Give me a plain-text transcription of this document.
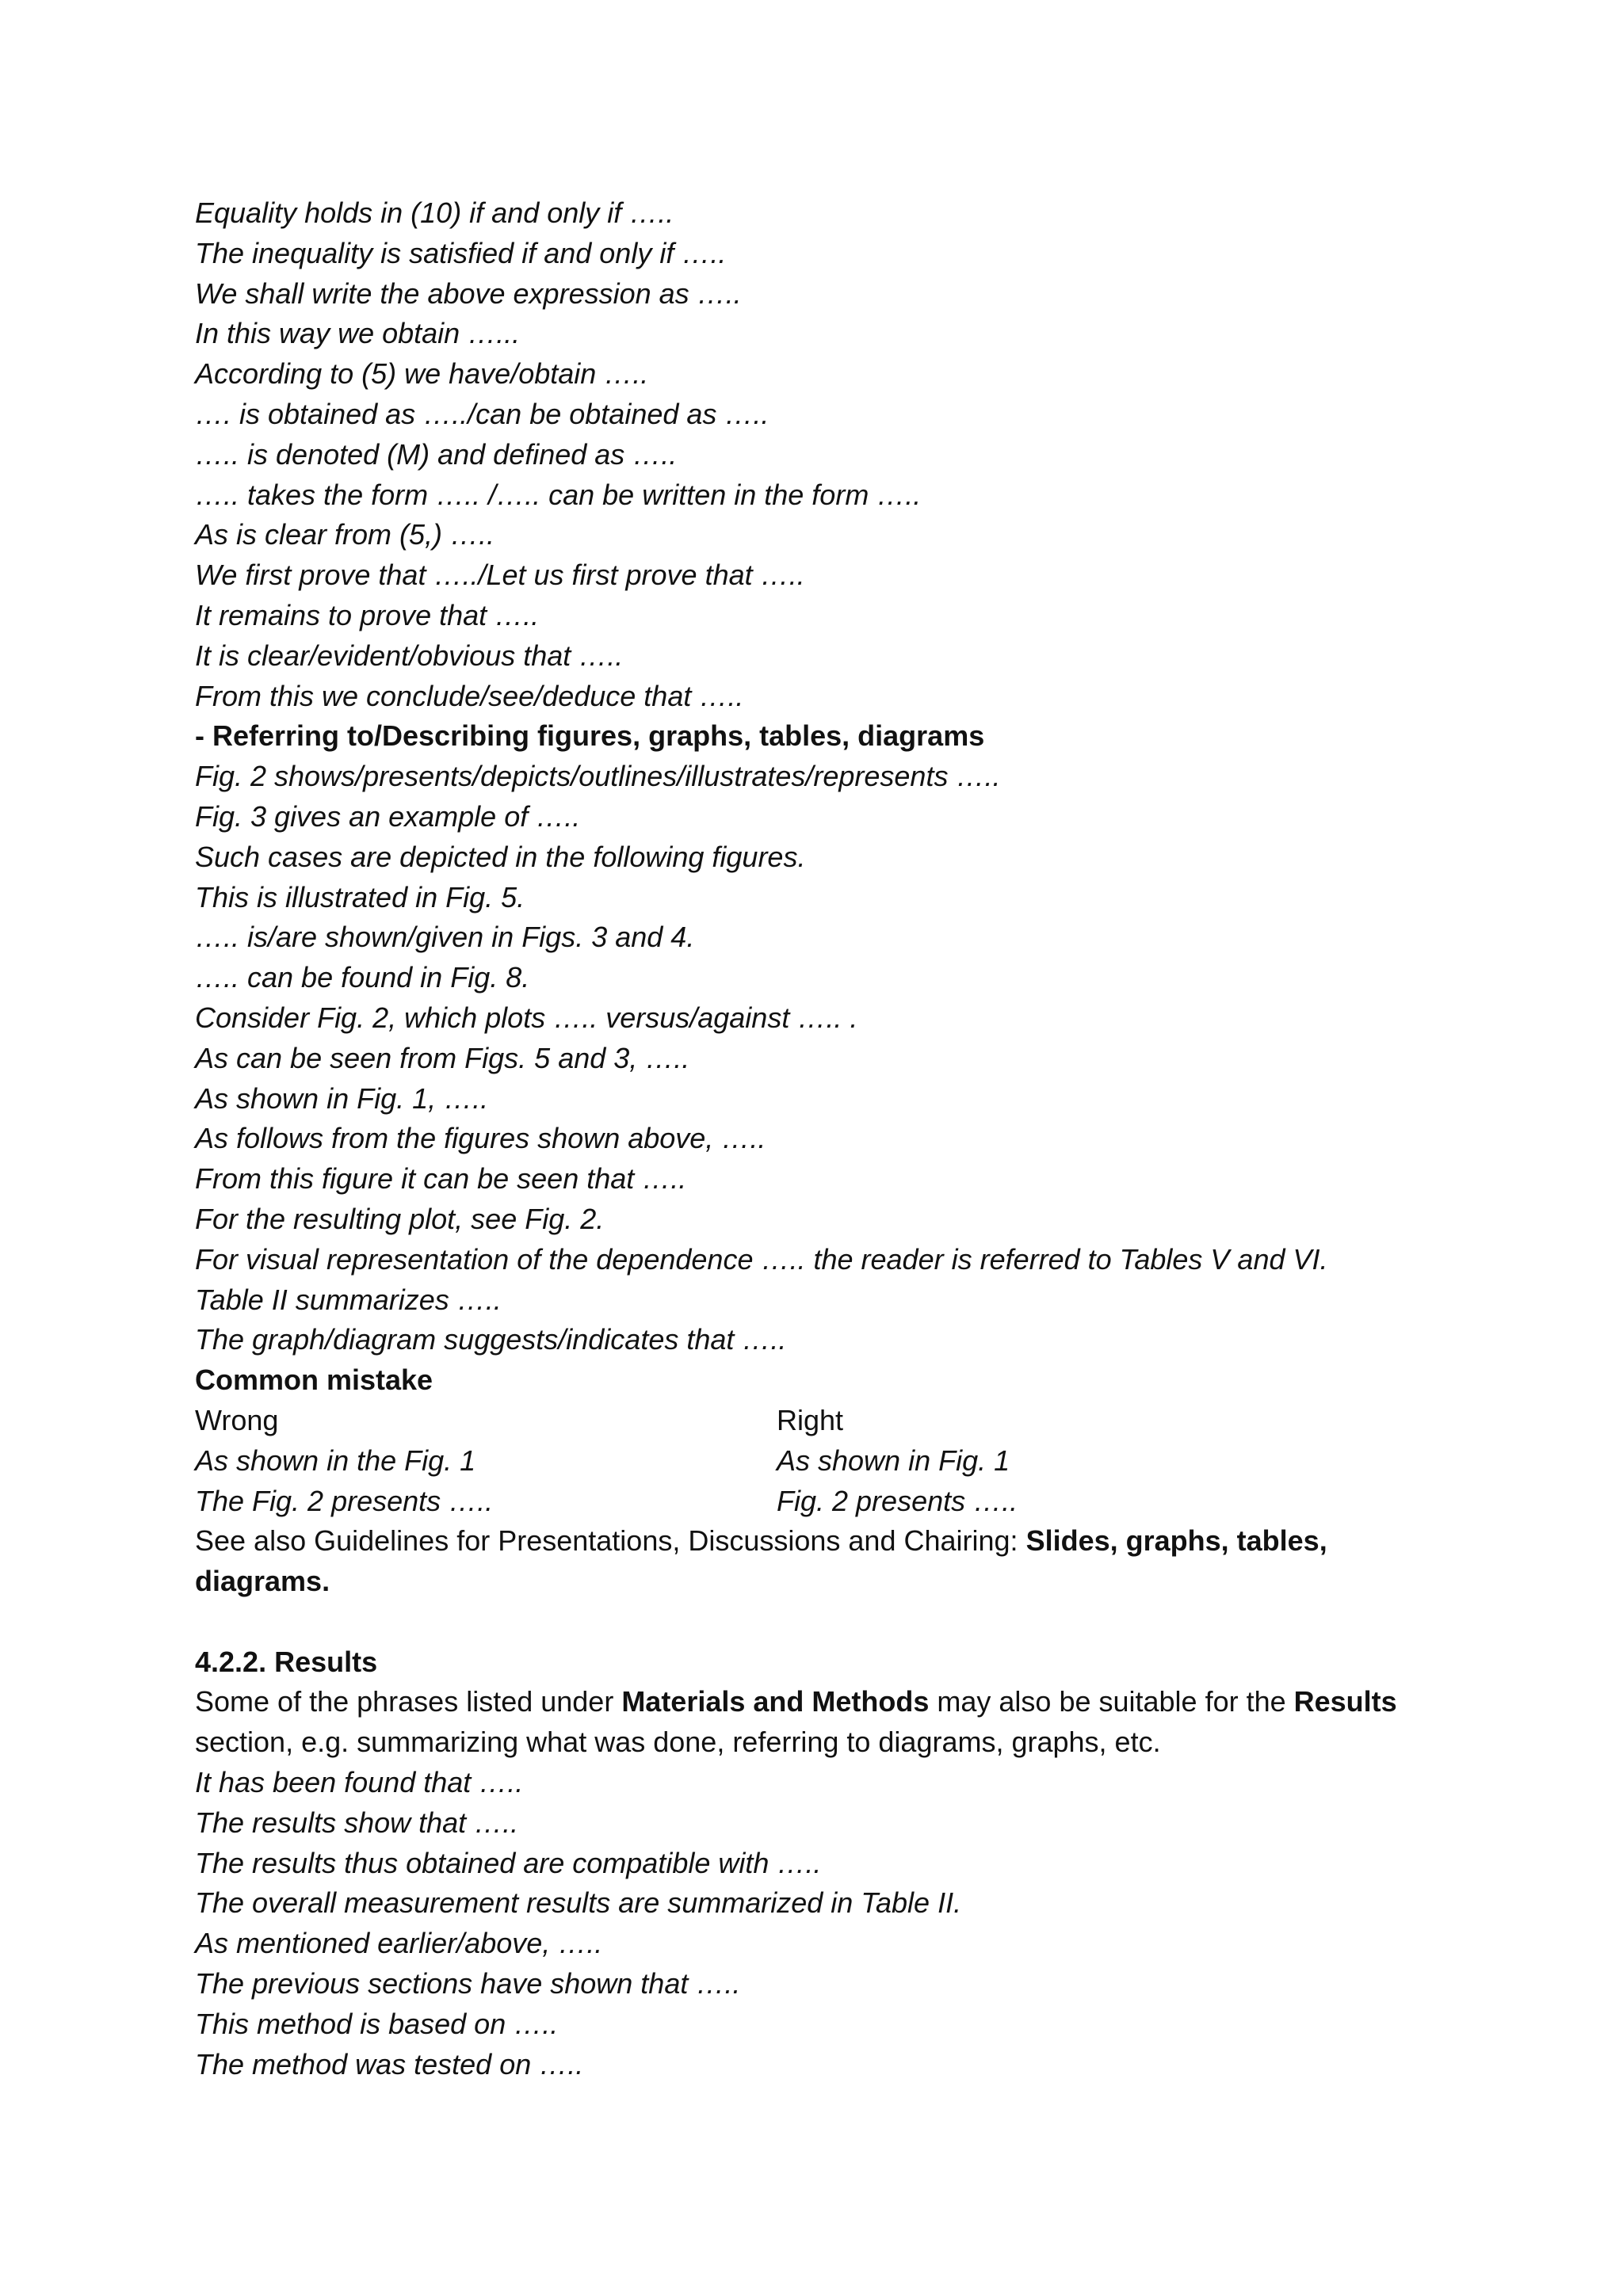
Equality holds in (10) if and only if …..
The inequality is satisfied if and only if …..
We shall write the above expression as …..
In this way we obtain …...
According to (5) we have/obtain …..
…. is obtained as …../can be obtained as …..
….. is denoted (M) and defined as …..
….. takes the form ….. /….. can be written in the form …..
As is clear from (5,) …..
We first prove that …../Let us first prove that …..
It remains to prove that …..
It is clear/evident/obvious that …..
From this we conclude/see/deduce that …..
- Referring to/Describing figures, graphs, tables, diagrams
Fig. 2 shows/presents/depicts/outlines/illustrates/represents …..
Fig. 3 gives an example of …..
Such cases are depicted in the following figures.
This is illustrated in Fig. 5.
….. is/are shown/given in Figs. 3 and 4.
….. can be found in Fig. 8.
Consider Fig. 2, which plots ….. versus/against ….. .
As can be seen from Figs. 5 and 3, …..
As shown in Fig. 1, …..
As follows from the figures shown above, …..
From this figure it can be seen that …..
For the resulting plot, see Fig. 2.
For visual representation of the dependence ….. the reader is referred to Tables V and VI.
Table II summarizes …..
The graph/diagram suggests/indicates that …..
Common mistake
Wrong	Right
As shown in the Fig. 1	As shown in Fig. 1
The Fig. 2 presents …..	Fig. 2 presents …..
See also Guidelines for Presentations, Discussions and Chairing: Slides, graphs, tables, diagrams.
4.2.2. Results
Some of the phrases listed under Materials and Methods may also be suitable for the Results section, e.g. summarizing what was done, referring to diagrams, graphs, etc.
It has been found that …..
The results show that …..
The results thus obtained are compatible with …..
The overall measurement results are summarized in Table II.
As mentioned earlier/above, …..
The previous sections have shown that …..
This method is based on …..
The method was tested on …..
